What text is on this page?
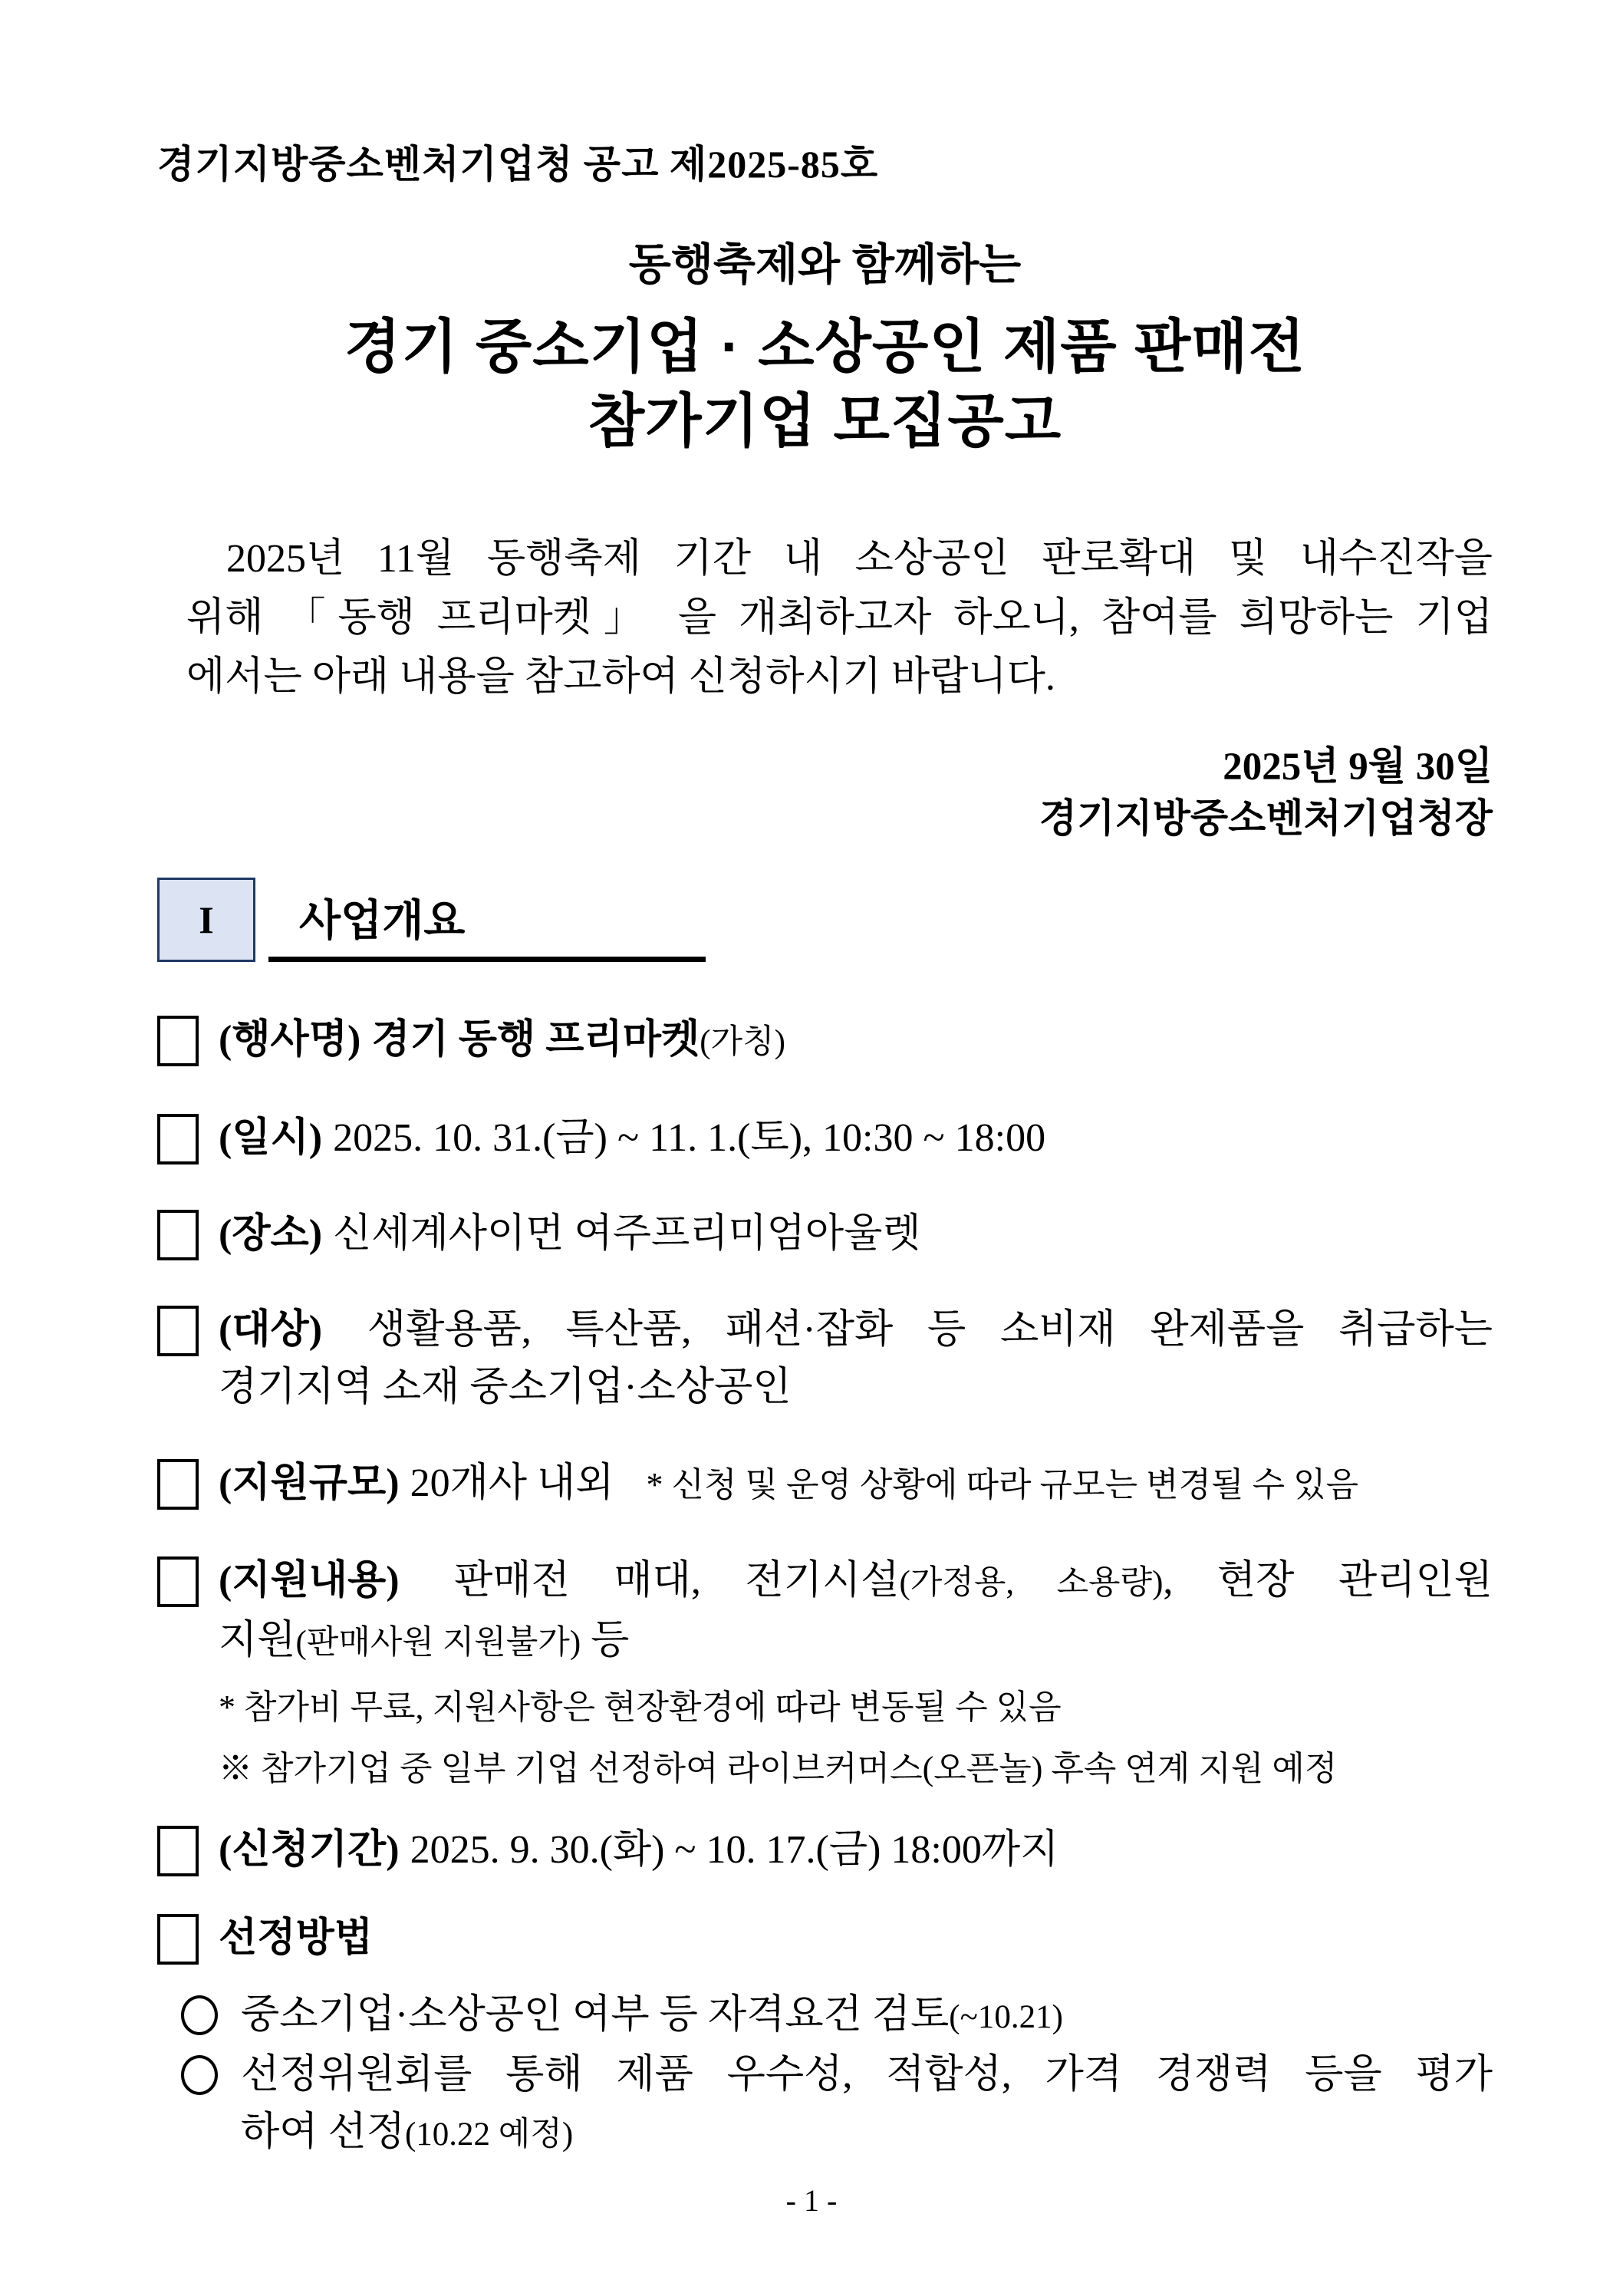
경기지방중소벤처기업청 공고 제2025-85호
동행축제와 함께하는
경기 중소기업 · 소상공인 제품 판매전
참가기업 모집공고
2025년 11월 동행축제 기간 내 소상공인 판로확대 및 내수진작을
위해 「동행 프리마켓」 을 개최하고자 하오니, 참여를 희망하는 기업
에서는 아래 내용을 참고하여 신청하시기 바랍니다.
2025년 9월 30일
경기지방중소벤처기업청장
I 사업개요
(행사명) 경기 동행 프리마켓(가칭)
(일시) 2025. 10. 31.(금) ~ 11. 1.(토), 10:30 ~ 18:00
(장소) 신세계사이먼 여주프리미엄아울렛
(대상) 생활용품, 특산품, 패션·잡화 등 소비재 완제품을 취급하는
경기지역 소재 중소기업·소상공인
(지원규모) 20개사 내외 * 신청 및 운영 상황에 따라 규모는 변경될 수 있음
(지원내용) 판매전 매대, 전기시설(가정용, 소용량), 현장 관리인원
지원(판매사원 지원불가) 등
* 참가비 무료, 지원사항은 현장환경에 따라 변동될 수 있음
※ 참가기업 중 일부 기업 선정하여 라이브커머스(오픈놀) 후속 연계 지원 예정
(신청기간) 2025. 9. 30.(화) ~ 10. 17.(금) 18:00까지
선정방법
중소기업·소상공인 여부 등 자격요건 검토(~10.21)
선정위원회를 통해 제품 우수성, 적합성, 가격 경쟁력 등을 평가
하여 선정(10.22 예정)
- 1 -
